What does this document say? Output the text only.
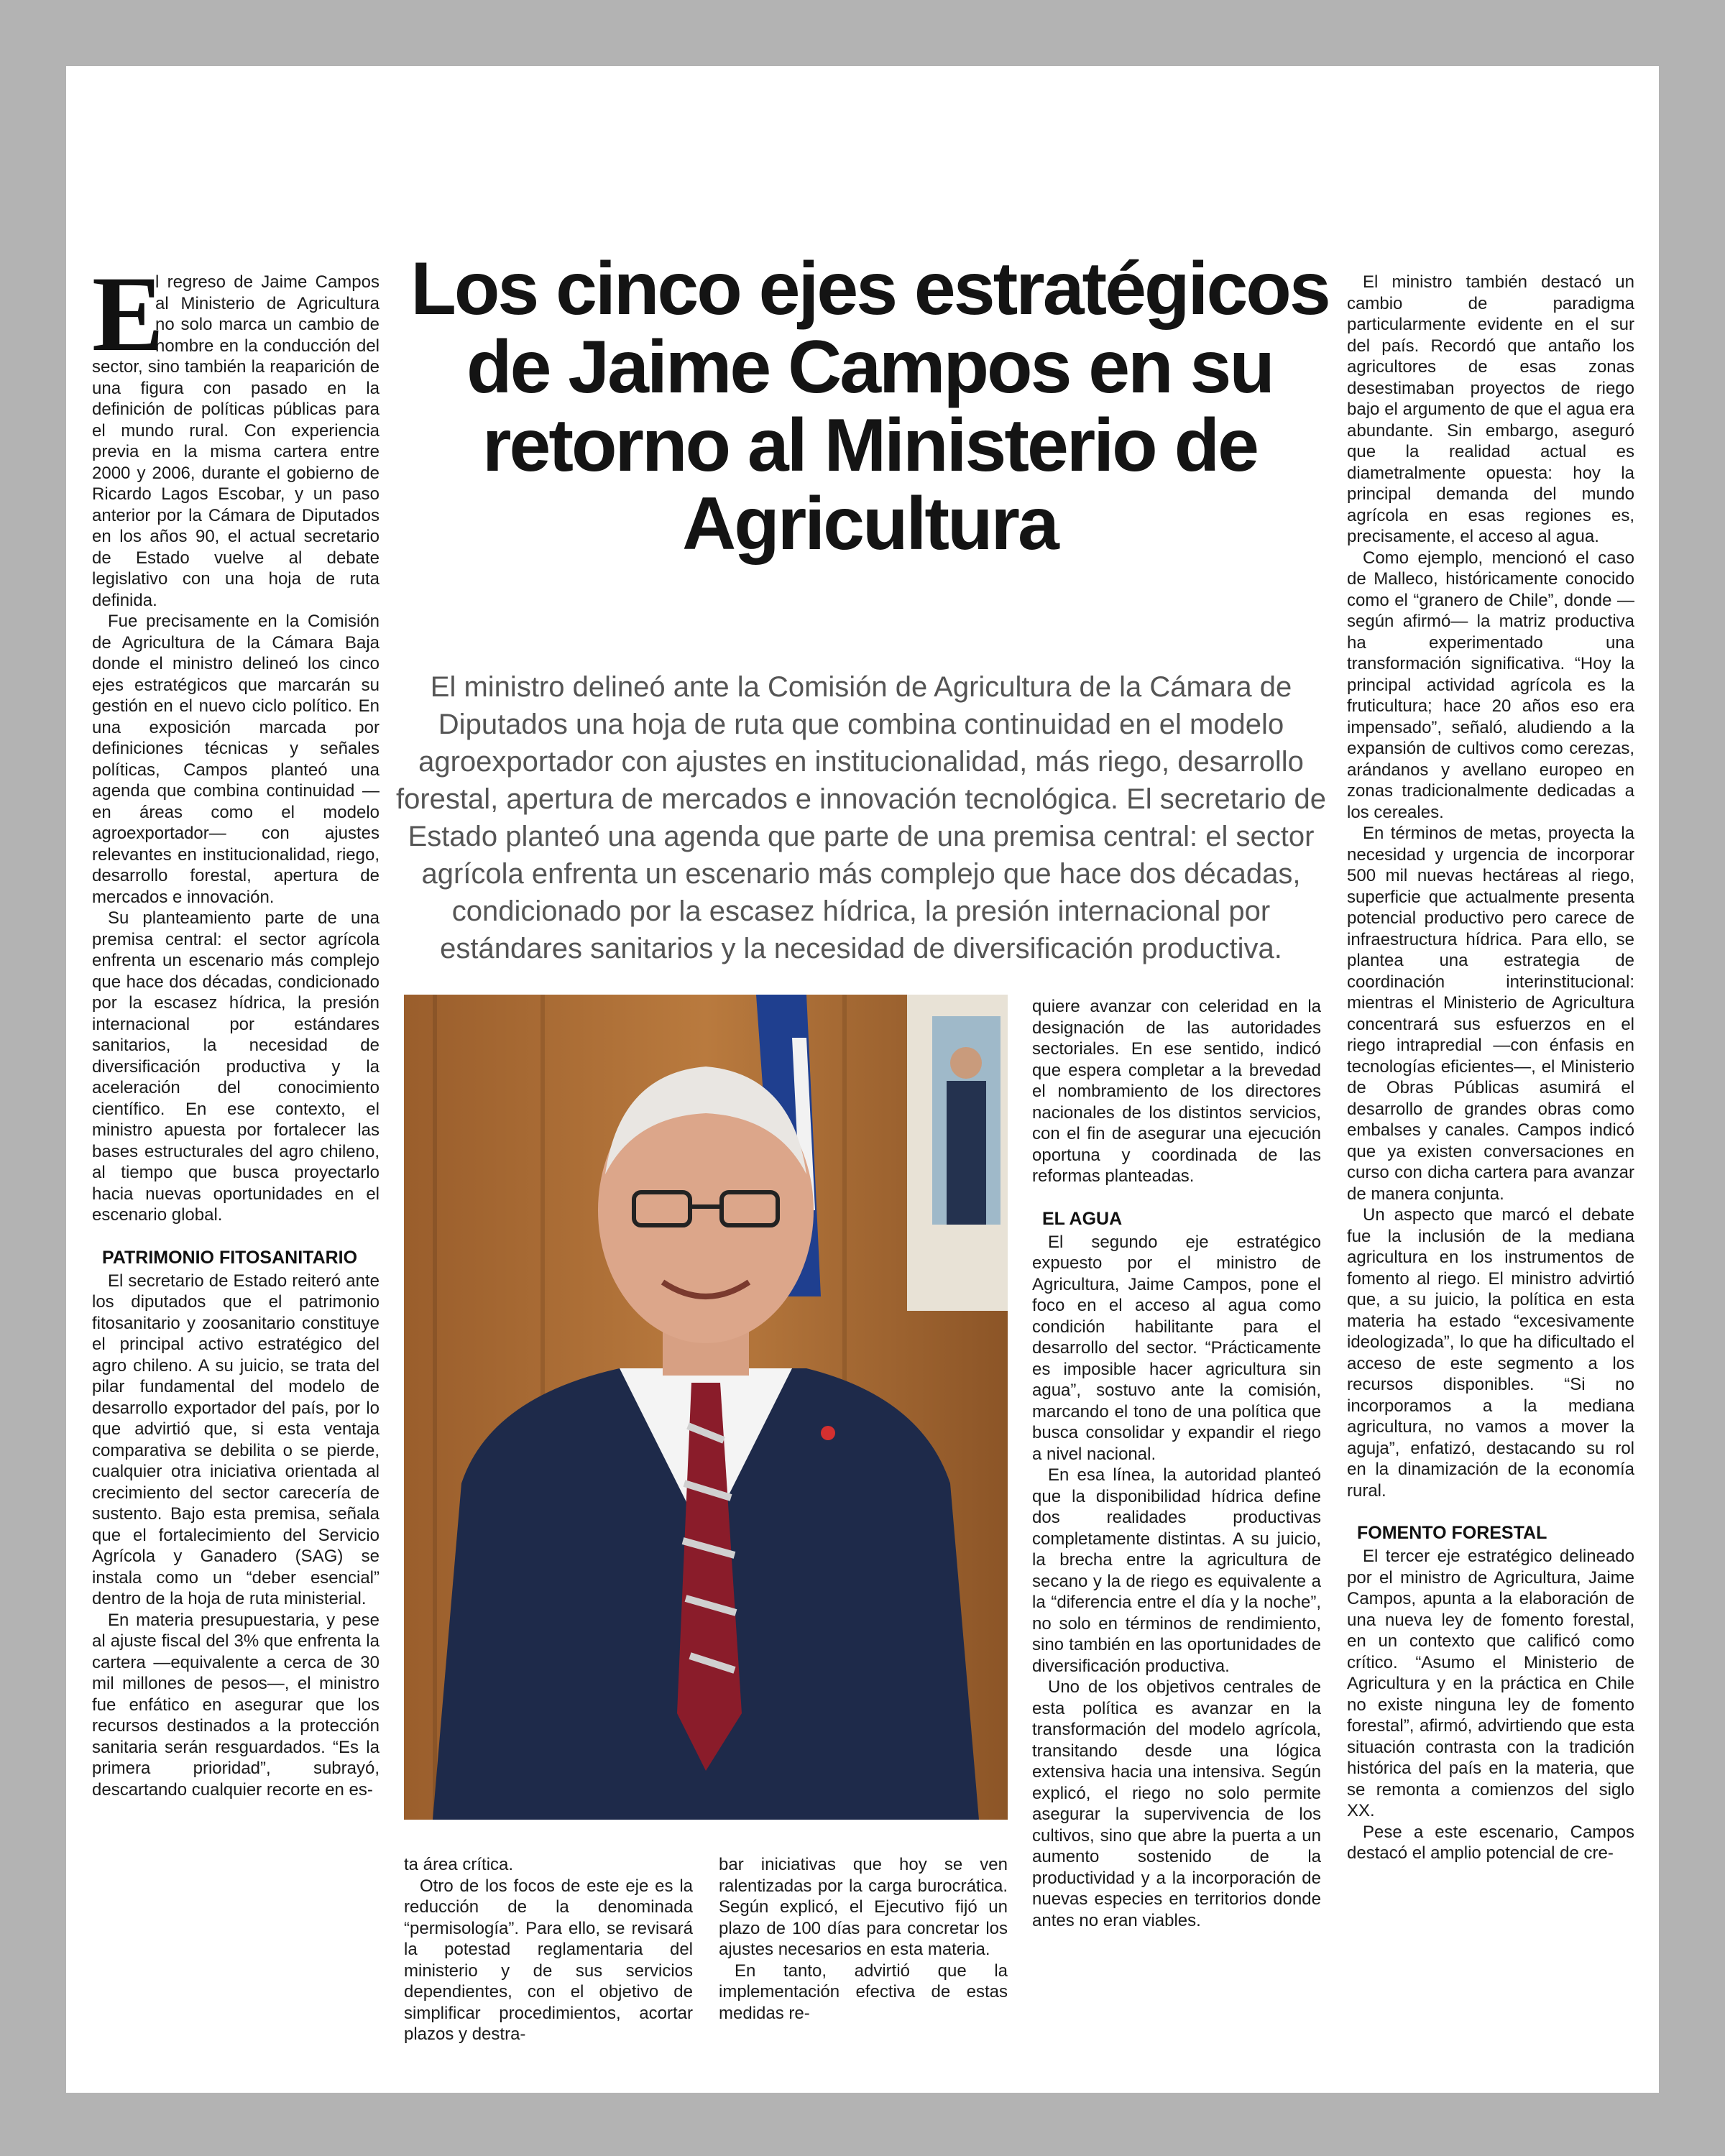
Los cinco ejes estratégicos de Jaime Campos en su retorno al Ministerio de Agricultura

El ministro delineó ante la Comisión de Agricultura de la Cámara de Diputados una hoja de ruta que combina continuidad en el modelo agroexportador con ajustes en institucionalidad, más riego, desarrollo forestal, apertura de mercados e innovación tecnológica. El secretario de Estado planteó una agenda que parte de una premisa central: el sector agrícola enfrenta un escenario más complejo que hace dos décadas, condicionado por la escasez hídrica, la presión internacional por estándares sanitarios y la necesidad de diversificación productiva.

E

l regreso de Jaime Campos al Ministerio de Agricultura no solo marca un cambio de nombre en la conducción del sector, sino también la reaparición de una figura con pasado en la definición de políticas públicas para el mundo rural. Con experiencia previa en la misma cartera entre 2000 y 2006, durante el gobierno de Ricardo Lagos Escobar, y un paso anterior por la Cámara de Diputados en los años 90, el actual secretario de Estado vuelve al debate legislativo con una hoja de ruta definida.

Fue precisamente en la Comisión de Agricultura de la Cámara Baja donde el ministro delineó los cinco ejes estratégicos que marcarán su gestión en el nuevo ciclo político. En una exposición marcada por definiciones técnicas y señales políticas, Campos planteó una agenda que combina continuidad —en áreas como el modelo agroexportador— con ajustes relevantes en institucionalidad, riego, desarrollo forestal, apertura de mercados e innovación.

Su planteamiento parte de una premisa central: el sector agrícola enfrenta un escenario más complejo que hace dos décadas, condicionado por la escasez hídrica, la presión internacional por estándares sanitarios, la necesidad de diversificación productiva y la aceleración del conocimiento científico. En ese contexto, el ministro apuesta por fortalecer las bases estructurales del agro chileno, al tiempo que busca proyectarlo hacia nuevas oportunidades en el escenario global.

PATRIMONIO FITOSANITARIO

El secretario de Estado reiteró ante los diputados que el patrimonio fitosanitario y zoosanitario constituye el principal activo estratégico del agro chileno. A su juicio, se trata del pilar fundamental del modelo de desarrollo exportador del país, por lo que advirtió que, si esta ventaja comparativa se debilita o se pierde, cualquier otra iniciativa orientada al crecimiento del sector carecería de sustento. Bajo esta premisa, señala que el fortalecimiento del Servicio Agrícola y Ganadero (SAG) se instala como un “deber esencial” dentro de la hoja de ruta ministerial.

En materia presupuestaria, y pese al ajuste fiscal del 3% que enfrenta la cartera —equivalente a cerca de 30 mil millones de pesos—, el ministro fue enfático en asegurar que los recursos destinados a la protección sanitaria serán resguardados. “Es la primera prioridad”, subrayó, descartando cualquier recorte en es-

ta área crítica.

Otro de los focos de este eje es la reducción de la denominada “permisología”. Para ello, se revisará la potestad reglamentaria del ministerio y de sus servicios dependientes, con el objetivo de simplificar procedimientos, acortar plazos y destra-

bar iniciativas que hoy se ven ralentizadas por la carga burocrática. Según explicó, el Ejecutivo fijó un plazo de 100 días para concretar los ajustes necesarios en esta materia.

En tanto, advirtió que la implementación efectiva de estas medidas re-

quiere avanzar con celeridad en la designación de las autoridades sectoriales. En ese sentido, indicó que espera completar a la brevedad el nombramiento de los directores nacionales de los distintos servicios, con el fin de asegurar una ejecución oportuna y coordinada de las reformas planteadas.

EL AGUA

El segundo eje estratégico expuesto por el ministro de Agricultura, Jaime Campos, pone el foco en el acceso al agua como condición habilitante para el desarrollo del sector. “Prácticamente es imposible hacer agricultura sin agua”, sostuvo ante la comisión, marcando el tono de una política que busca consolidar y expandir el riego a nivel nacional.

En esa línea, la autoridad planteó que la disponibilidad hídrica define dos realidades productivas completamente distintas. A su juicio, la brecha entre la agricultura de secano y la de riego es equivalente a la “diferencia entre el día y la noche”, no solo en términos de rendimiento, sino también en las oportunidades de diversificación productiva.

Uno de los objetivos centrales de esta política es avanzar en la transformación del modelo agrícola, transitando desde una lógica extensiva hacia una intensiva. Según explicó, el riego no solo permite asegurar la supervivencia de los cultivos, sino que abre la puerta a un aumento sostenido de la productividad y a la incorporación de nuevas especies en territorios donde antes no eran viables.

El ministro también destacó un cambio de paradigma particularmente evidente en el sur del país. Recordó que antaño los agricultores de esas zonas desestimaban proyectos de riego bajo el argumento de que el agua era abundante. Sin embargo, aseguró que la realidad actual es diametralmente opuesta: hoy la principal demanda del mundo agrícola en esas regiones es, precisamente, el acceso al agua.

Como ejemplo, mencionó el caso de Malleco, históricamente conocido como el “granero de Chile”, donde —según afirmó— la matriz productiva ha experimentado una transformación significativa. “Hoy la principal actividad agrícola es la fruticultura; hace 20 años eso era impensado”, señaló, aludiendo a la expansión de cultivos como cerezas, arándanos y avellano europeo en zonas tradicionalmente dedicadas a los cereales.

En términos de metas, proyecta la necesidad y urgencia de incorporar 500 mil nuevas hectáreas al riego, superficie que actualmente presenta potencial productivo pero carece de infraestructura hídrica. Para ello, se plantea una estrategia de coordinación interinstitucional: mientras el Ministerio de Agricultura concentrará sus esfuerzos en el riego intrapredial —con énfasis en tecnologías eficientes—, el Ministerio de Obras Públicas asumirá el desarrollo de grandes obras como embalses y canales. Campos indicó que ya existen conversaciones en curso con dicha cartera para avanzar de manera conjunta.

Un aspecto que marcó el debate fue la inclusión de la mediana agricultura en los instrumentos de fomento al riego. El ministro advirtió que, a su juicio, la política en esta materia ha estado “excesivamente ideologizada”, lo que ha dificultado el acceso de este segmento a los recursos disponibles. “Si no incorporamos a la mediana agricultura, no vamos a mover la aguja”, enfatizó, destacando su rol en la dinamización de la economía rural.

FOMENTO FORESTAL

El tercer eje estratégico delineado por el ministro de Agricultura, Jaime Campos, apunta a la elaboración de una nueva ley de fomento forestal, en un contexto que calificó como crítico. “Asumo el Ministerio de Agricultura y en la práctica en Chile no existe ninguna ley de fomento forestal”, afirmó, advirtiendo que esta situación contrasta con la tradición histórica del país en la materia, que se remonta a comienzos del siglo XX.

Pese a este escenario, Campos destacó el amplio potencial de cre-
